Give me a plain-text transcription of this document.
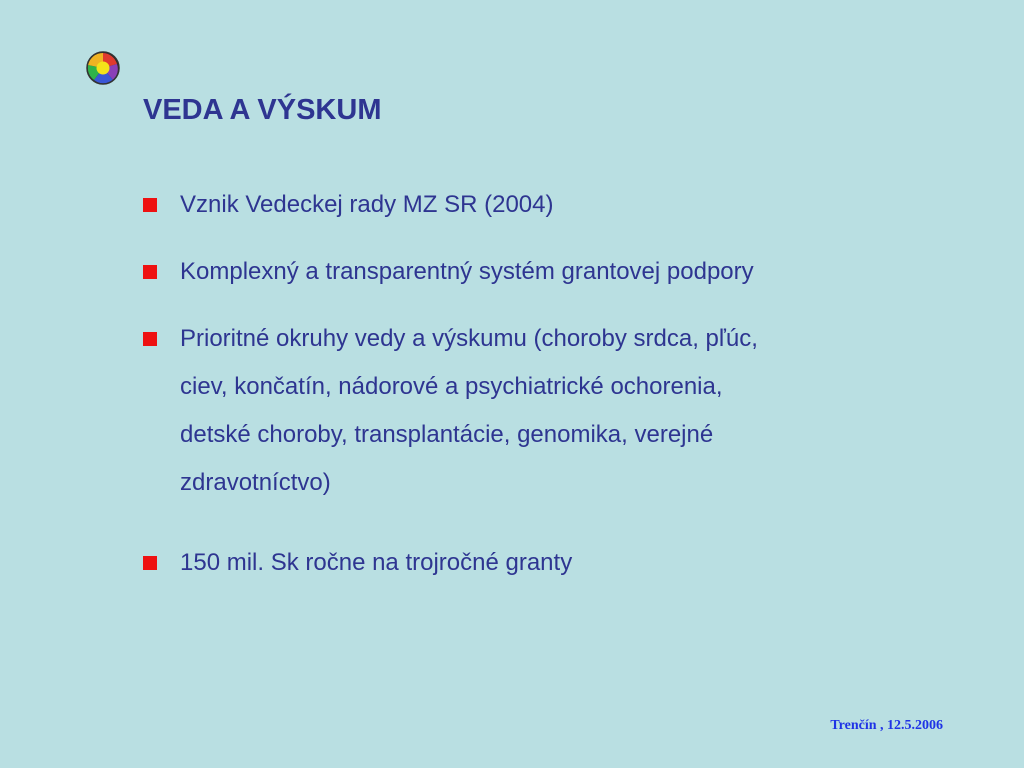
VEDA A VÝSKUM
Vznik Vedeckej rady MZ SR (2004)
Komplexný a transparentný systém grantovej podpory
Prioritné okruhy vedy a výskumu (choroby srdca, pľúc,
ciev, končatín, nádorové a psychiatrické ochorenia,
detské choroby, transplantácie, genomika, verejné
zdravotníctvo)
150 mil. Sk ročne na trojročné granty
Trenčín , 12.5.2006
